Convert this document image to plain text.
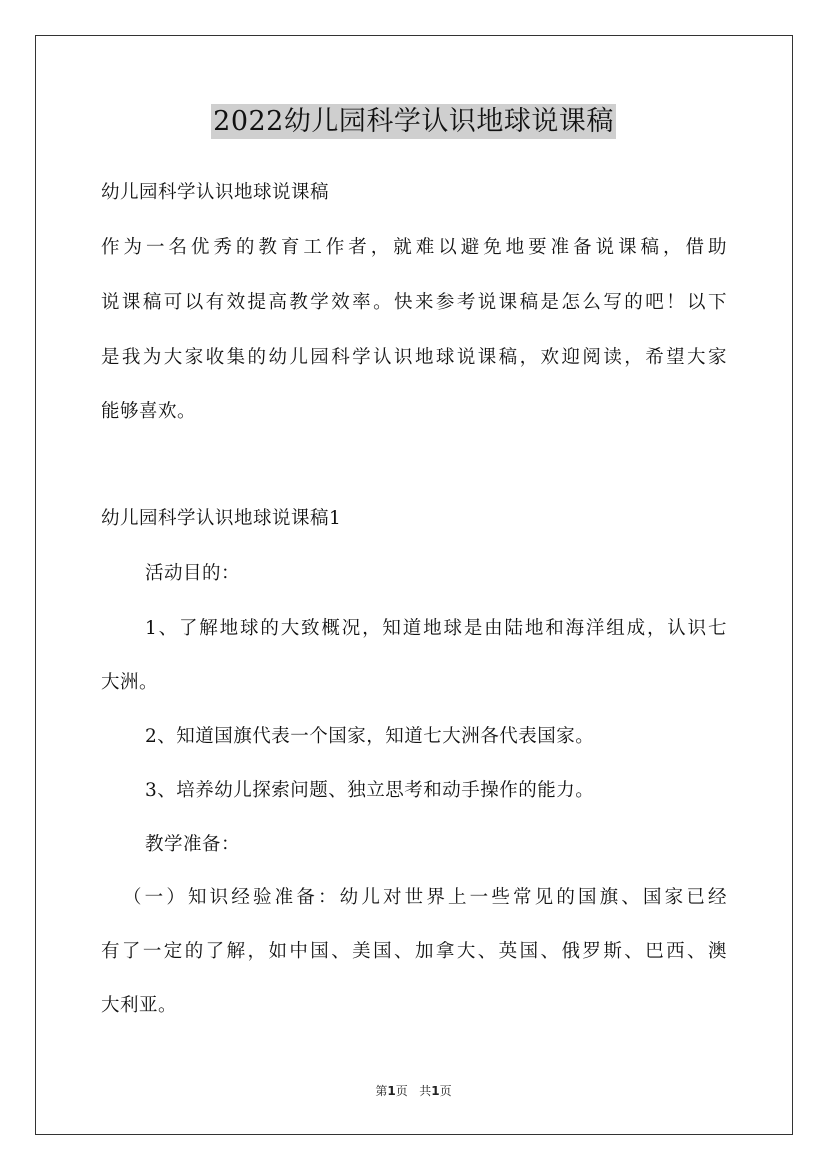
2022幼儿园科学认识地球说课稿
幼儿园科学认识地球说课稿
作为一名优秀的教育工作者，就难以避免地要准备说课稿，借助
说课稿可以有效提高教学效率。快来参考说课稿是怎么写的吧！以下
是我为大家收集的幼儿园科学认识地球说课稿，欢迎阅读，希望大家
能够喜欢。
幼儿园科学认识地球说课稿1
活动目的：
1、了解地球的大致概况，知道地球是由陆地和海洋组成，认识七
大洲。
2、知道国旗代表一个国家，知道七大洲各代表国家。
3、培养幼儿探索问题、独立思考和动手操作的能力。
教学准备：
（一）知识经验准备：幼儿对世界上一些常见的国旗、国家已经
有了一定的了解，如中国、美国、加拿大、英国、俄罗斯、巴西、澳
大利亚。
第1页 共1页
